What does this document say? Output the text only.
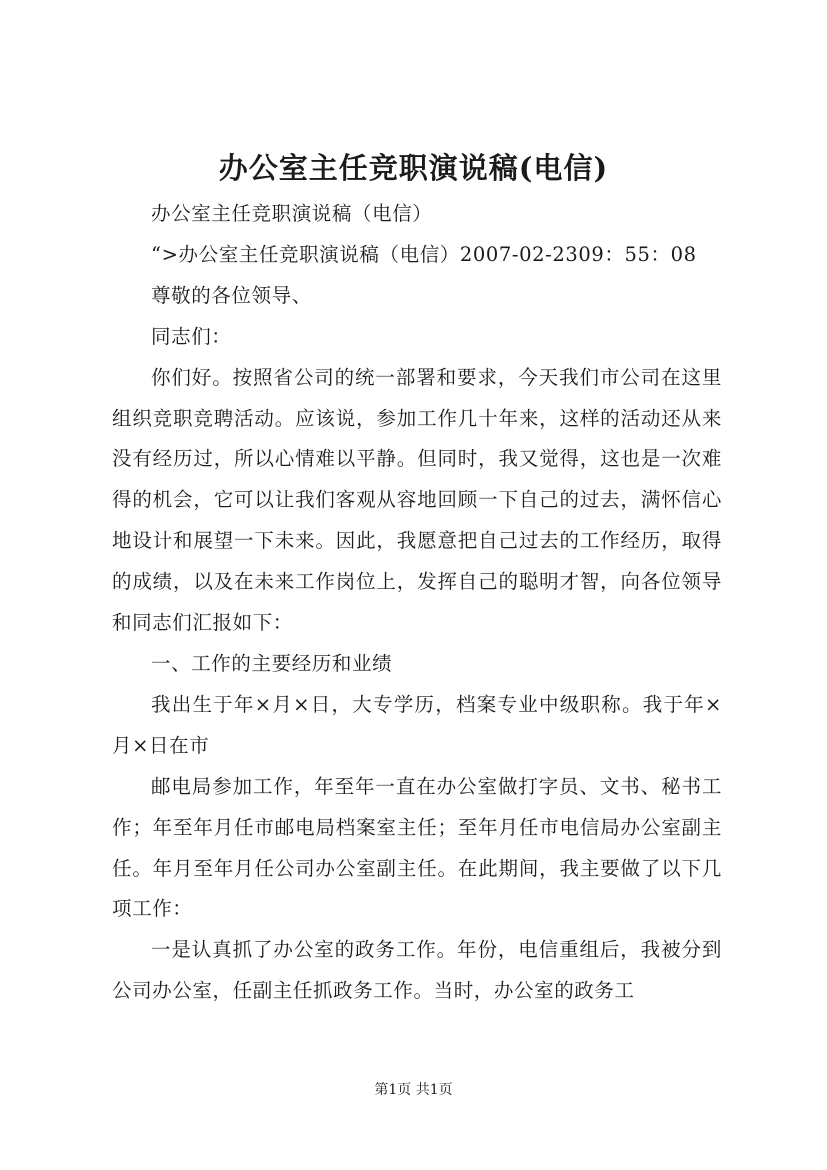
办公室主任竞职演说稿(电信)

办公室主任竞职演说稿（电信）

“>办公室主任竞职演说稿（电信）2007-02-2309：55：08

尊敬的各位领导、

同志们：

你们好。按照省公司的统一部署和要求，今天我们市公司在这里组织竞职竞聘活动。应该说，参加工作几十年来，这样的活动还从来没有经历过，所以心情难以平静。但同时，我又觉得，这也是一次难得的机会，它可以让我们客观从容地回顾一下自己的过去，满怀信心地设计和展望一下未来。因此，我愿意把自己过去的工作经历，取得的成绩，以及在未来工作岗位上，发挥自己的聪明才智，向各位领导和同志们汇报如下：

一、工作的主要经历和业绩

我出生于年×月×日，大专学历，档案专业中级职称。我于年×月×日在市

邮电局参加工作，年至年一直在办公室做打字员、文书、秘书工作；年至年月任市邮电局档案室主任；至年月任市电信局办公室副主任。年月至年月任公司办公室副主任。在此期间，我主要做了以下几项工作：

一是认真抓了办公室的政务工作。年份，电信重组后，我被分到公司办公室，任副主任抓政务工作。当时，办公室的政务工

第1页 共1页
